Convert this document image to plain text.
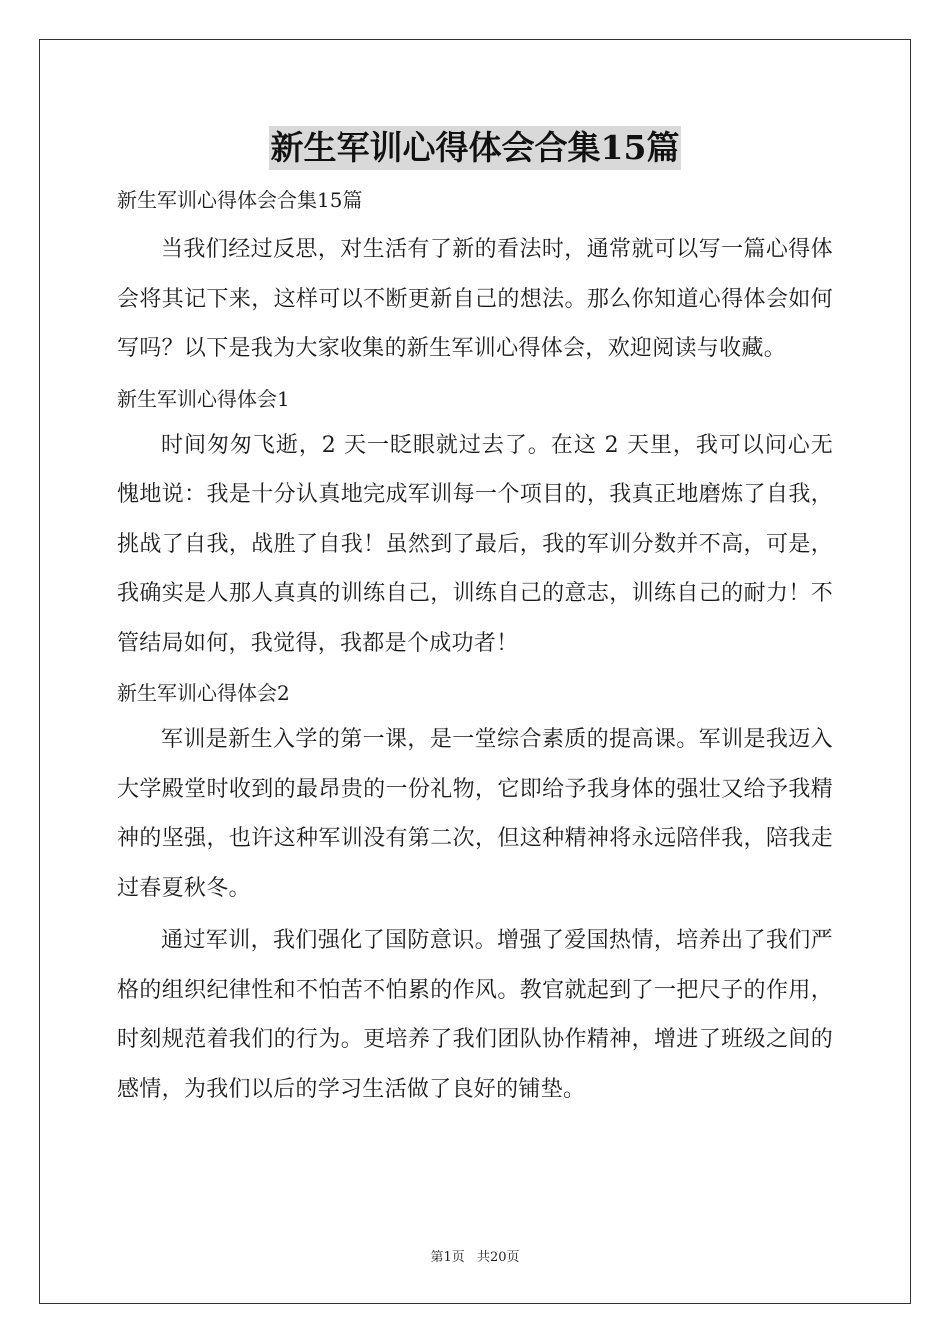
新生军训心得体会合集15篇

新生军训心得体会合集15篇

当我们经过反思，对生活有了新的看法时，通常就可以写一篇心得体会将其记下来，这样可以不断更新自己的想法。那么你知道心得体会如何写吗？以下是我为大家收集的新生军训心得体会，欢迎阅读与收藏。

新生军训心得体会1

时间匆匆飞逝，2 天一眨眼就过去了。在这 2 天里，我可以问心无愧地说：我是十分认真地完成军训每一个项目的，我真正地磨炼了自我，挑战了自我，战胜了自我！虽然到了最后，我的军训分数并不高，可是，我确实是人那人真真的训练自己，训练自己的意志，训练自己的耐力！不管结局如何，我觉得，我都是个成功者！

新生军训心得体会2

军训是新生入学的第一课，是一堂综合素质的提高课。军训是我迈入大学殿堂时收到的最昂贵的一份礼物，它即给予我身体的强壮又给予我精神的坚强，也许这种军训没有第二次，但这种精神将永远陪伴我，陪我走过春夏秋冬。

通过军训，我们强化了国防意识。增强了爱国热情，培养出了我们严格的组织纪律性和不怕苦不怕累的作风。教官就起到了一把尺子的作用，时刻规范着我们的行为。更培养了我们团队协作精神，增进了班级之间的感情，为我们以后的学习生活做了良好的铺垫。

第1页 共20页
